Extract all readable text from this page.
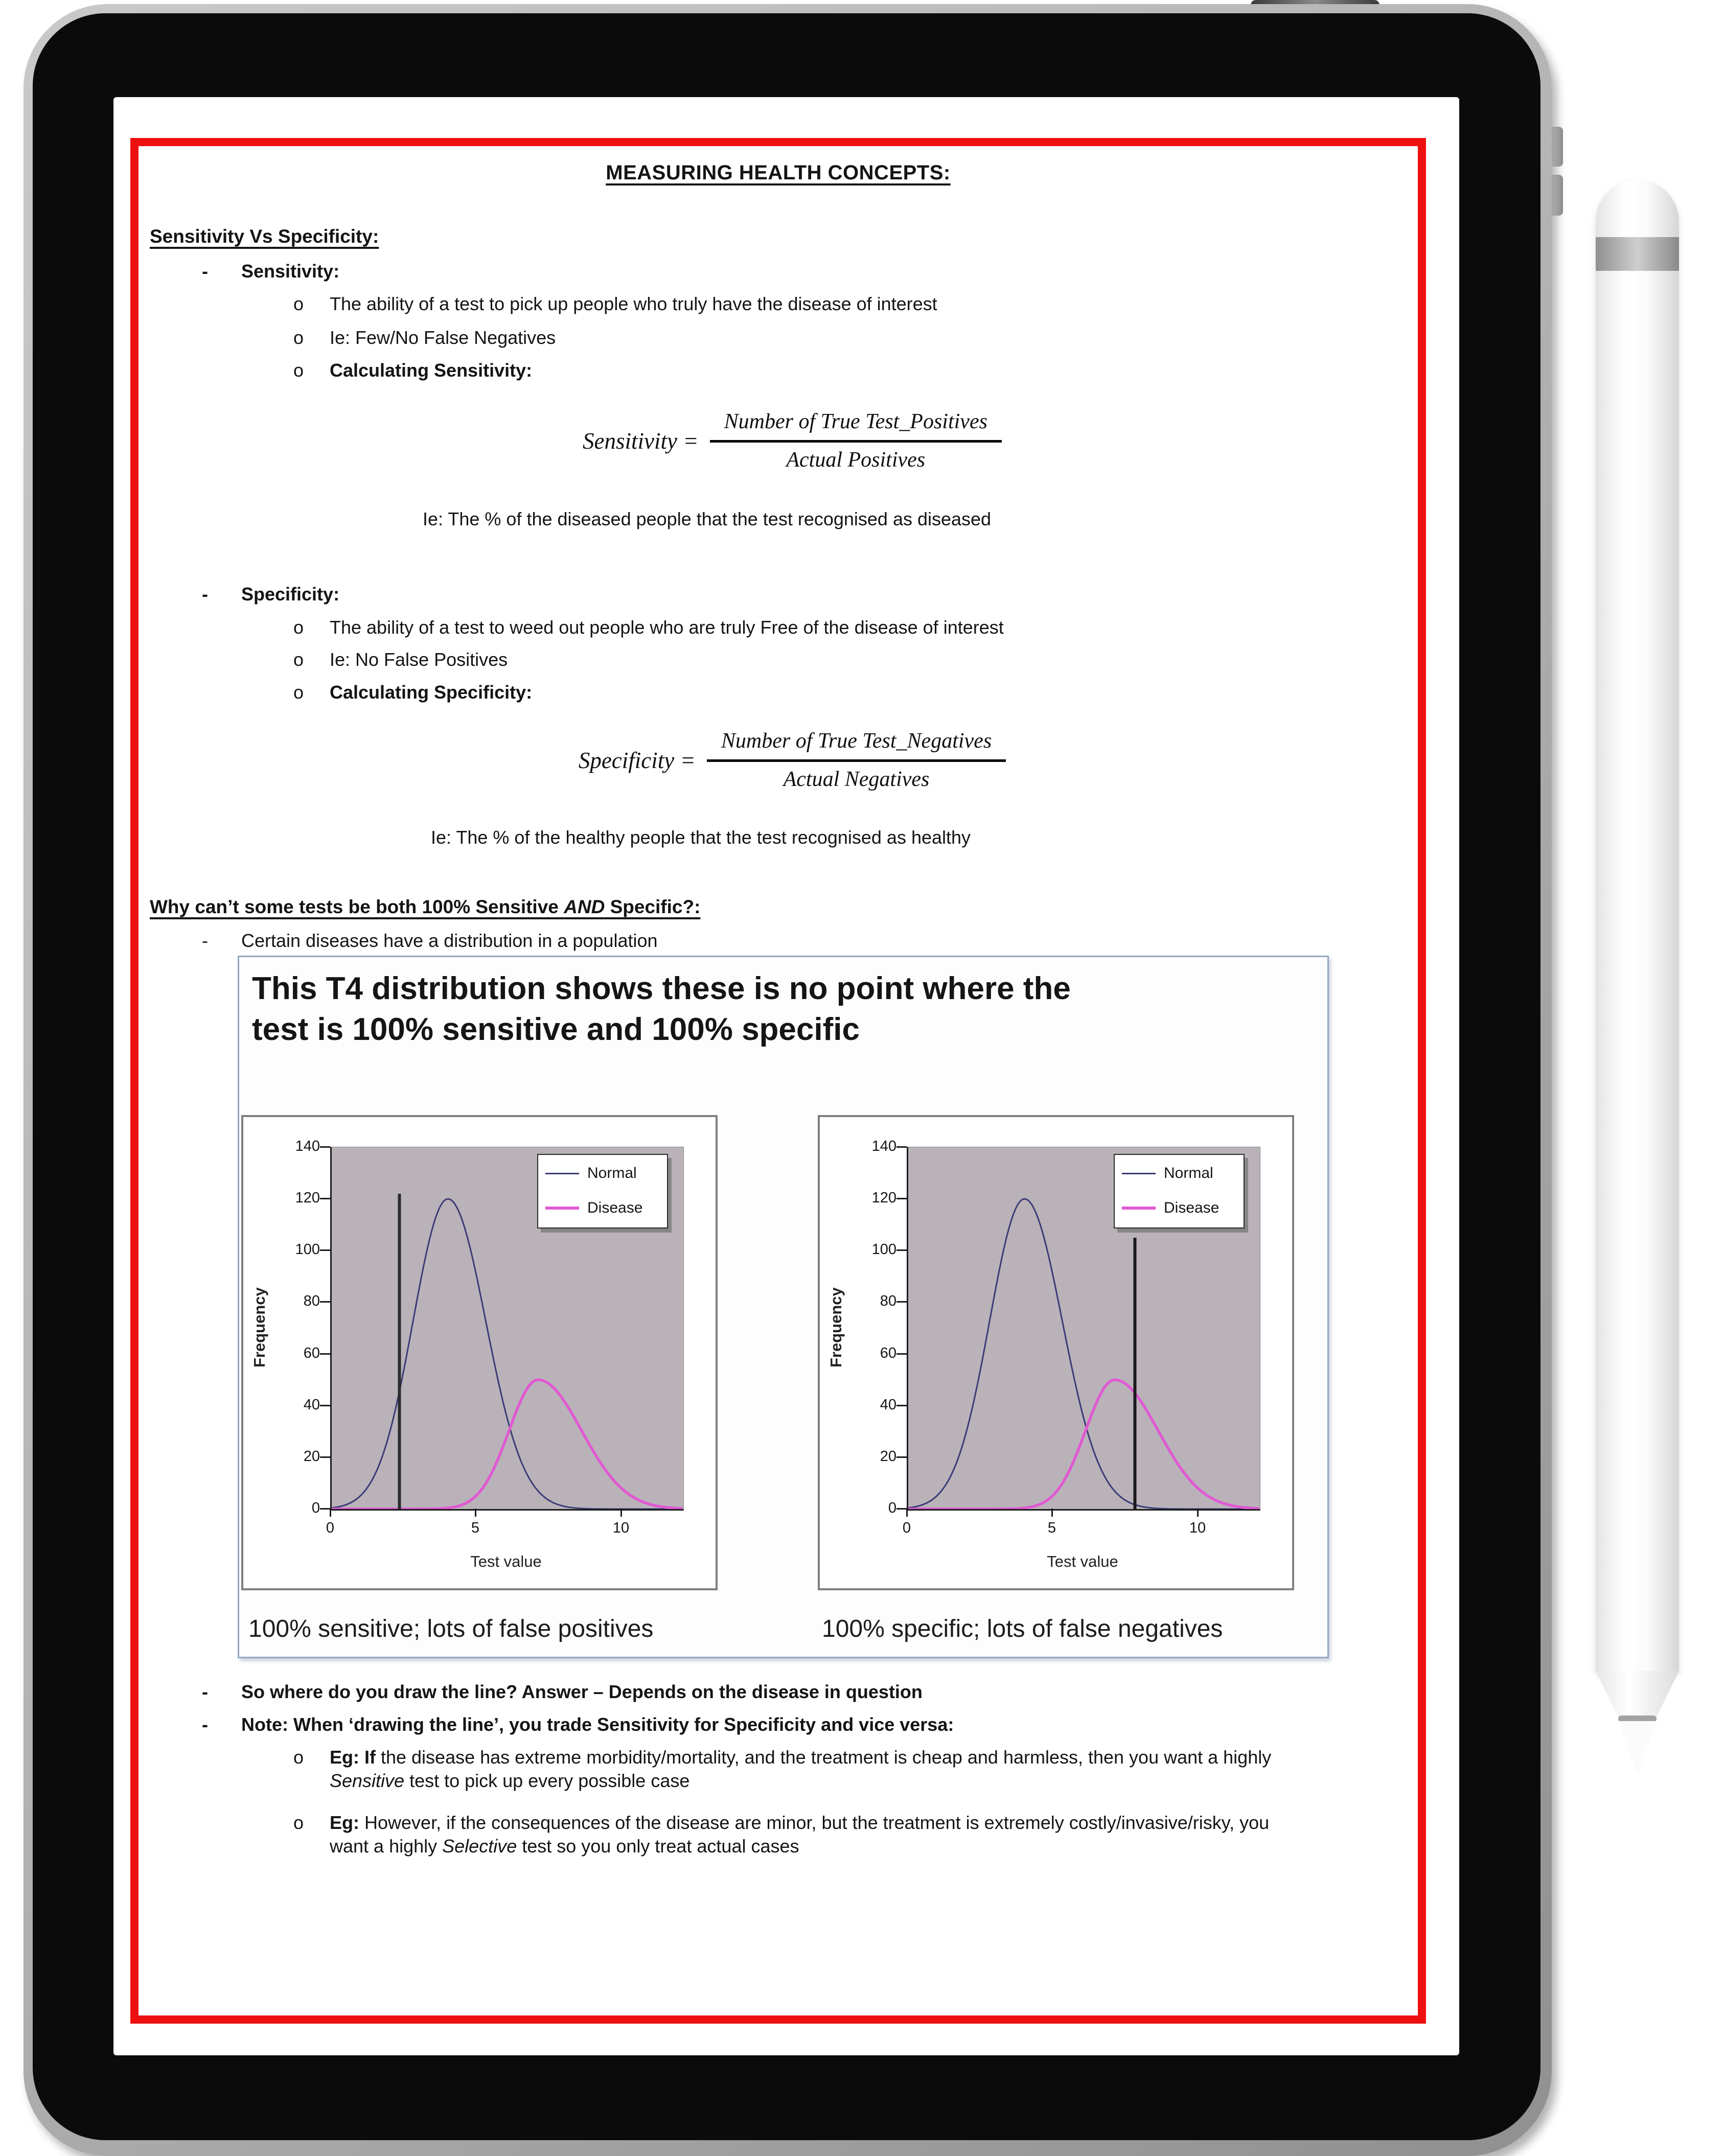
MEASURING HEALTH CONCEPTS:
Sensitivity Vs Specificity:
- Sensitivity:
o The ability of a test to pick up people who truly have the disease of interest
o Ie: Few/No False Negatives
o Calculating Sensitivity:
Sensitivity = $\frac{\text{Number of True Test\_Positives}}{\text{Actual Positives}}$
Ie: The % of the diseased people that the test recognised as diseased
- Specificity:
o The ability of a test to weed out people who are truly Free of the disease of interest
o Ie: No False Positives
o Calculating Specificity:
Specificity = $\frac{\text{Number of True Test\_Negatives}}{\text{Actual Negatives}}$
Ie: The % of the healthy people that the test recognised as healthy
Why can’t some tests be both 100% Sensitive AND Specific?:
- Certain diseases have a distribution in a population
This T4 distribution shows these is no point where the
test is 100% sensitive and 100% specific
Frequency
0
20
40
60
80
100
120
140
0	5	10
Test value
Normal
Disease
Frequency
0
20
40
60
80
100
120
140
0	5	10
Test value
Normal
Disease
100% sensitive; lots of false positives	100% specific; lots of false negatives
- So where do you draw the line? Answer – Depends on the disease in question
- Note: When ‘drawing the line’, you trade Sensitivity for Specificity and vice versa:
o Eg: If the disease has extreme morbidity/mortality, and the treatment is cheap and harmless, then you want a highly Sensitive test to pick up every possible case
o Eg: However, if the consequences of the disease are minor, but the treatment is extremely costly/invasive/risky, you want a highly Selective test so you only treat actual cases
